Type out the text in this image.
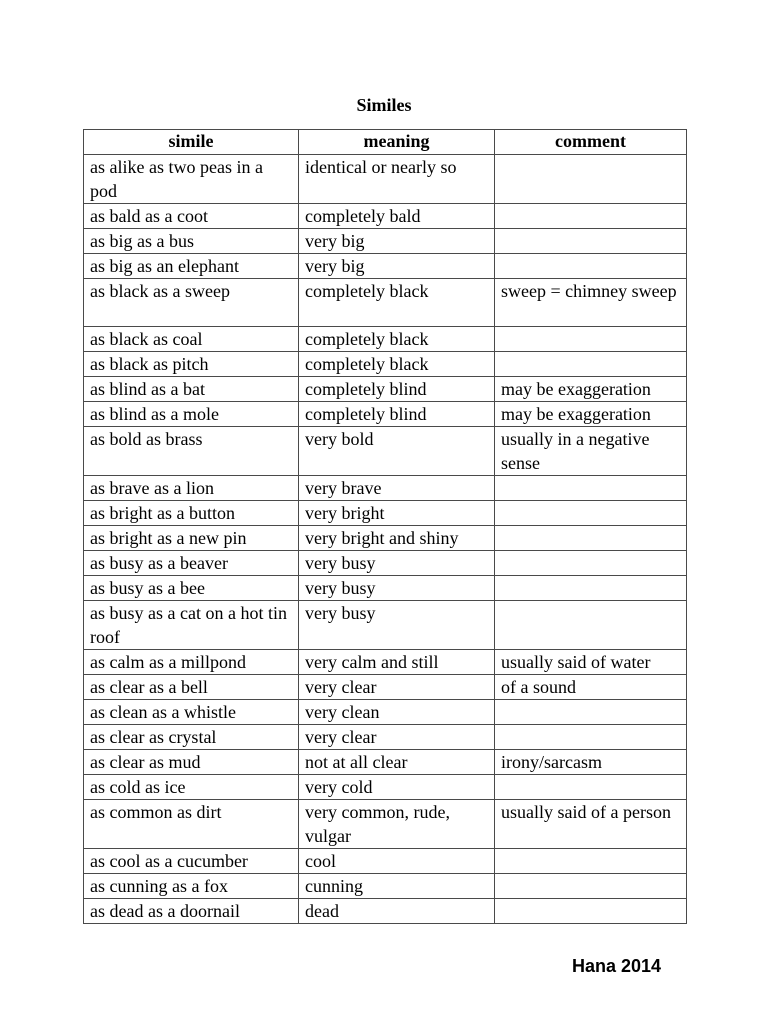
Similes
simile	meaning	comment
as alike as two peas in a pod	identical or nearly so	
as bald as a coot	completely bald	
as big as a bus	very big	
as big as an elephant	very big	
as black as a sweep	completely black	sweep = chimney sweep
as black as coal	completely black	
as black as pitch	completely black	
as blind as a bat	completely blind	may be exaggeration
as blind as a mole	completely blind	may be exaggeration
as bold as brass	very bold	usually in a negative sense
as brave as a lion	very brave	
as bright as a button	very bright	
as bright as a new pin	very bright and shiny	
as busy as a beaver	very busy	
as busy as a bee	very busy	
as busy as a cat on a hot tin roof	very busy	
as calm as a millpond	very calm and still	usually said of water
as clear as a bell	very clear	of a sound
as clean as a whistle	very clean	
as clear as crystal	very clear	
as clear as mud	not at all clear	irony/sarcasm
as cold as ice	very cold	
as common as dirt	very common, rude, vulgar	usually said of a person
as cool as a cucumber	cool	
as cunning as a fox	cunning	
as dead as a doornail	dead	
Hana 2014
